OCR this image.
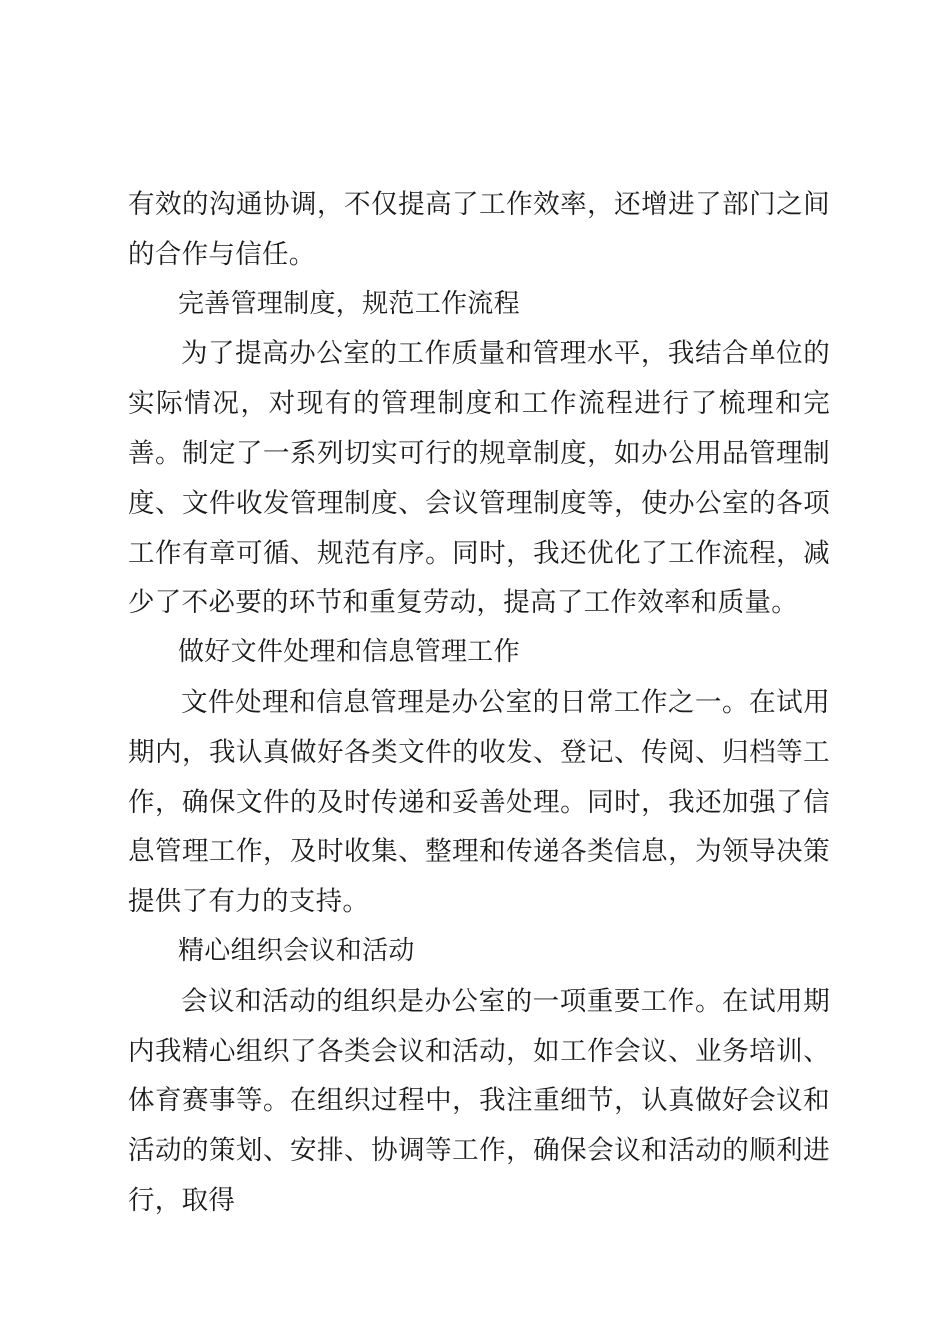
有效的沟通协调，不仅提高了工作效率，还增进了部门之间的合作与信任。

完善管理制度，规范工作流程

为了提高办公室的工作质量和管理水平，我结合单位的实际情况，对现有的管理制度和工作流程进行了梳理和完善。制定了一系列切实可行的规章制度，如办公用品管理制度、文件收发管理制度、会议管理制度等，使办公室的各项工作有章可循、规范有序。同时，我还优化了工作流程，减少了不必要的环节和重复劳动，提高了工作效率和质量。

做好文件处理和信息管理工作

文件处理和信息管理是办公室的日常工作之一。在试用期内，我认真做好各类文件的收发、登记、传阅、归档等工作，确保文件的及时传递和妥善处理。同时，我还加强了信息管理工作，及时收集、整理和传递各类信息，为领导决策提供了有力的支持。

精心组织会议和活动

会议和活动的组织是办公室的一项重要工作。在试用期内我精心组织了各类会议和活动，如工作会议、业务培训、体育赛事等。在组织过程中，我注重细节，认真做好会议和活动的策划、安排、协调等工作，确保会议和活动的顺利进行，取得
